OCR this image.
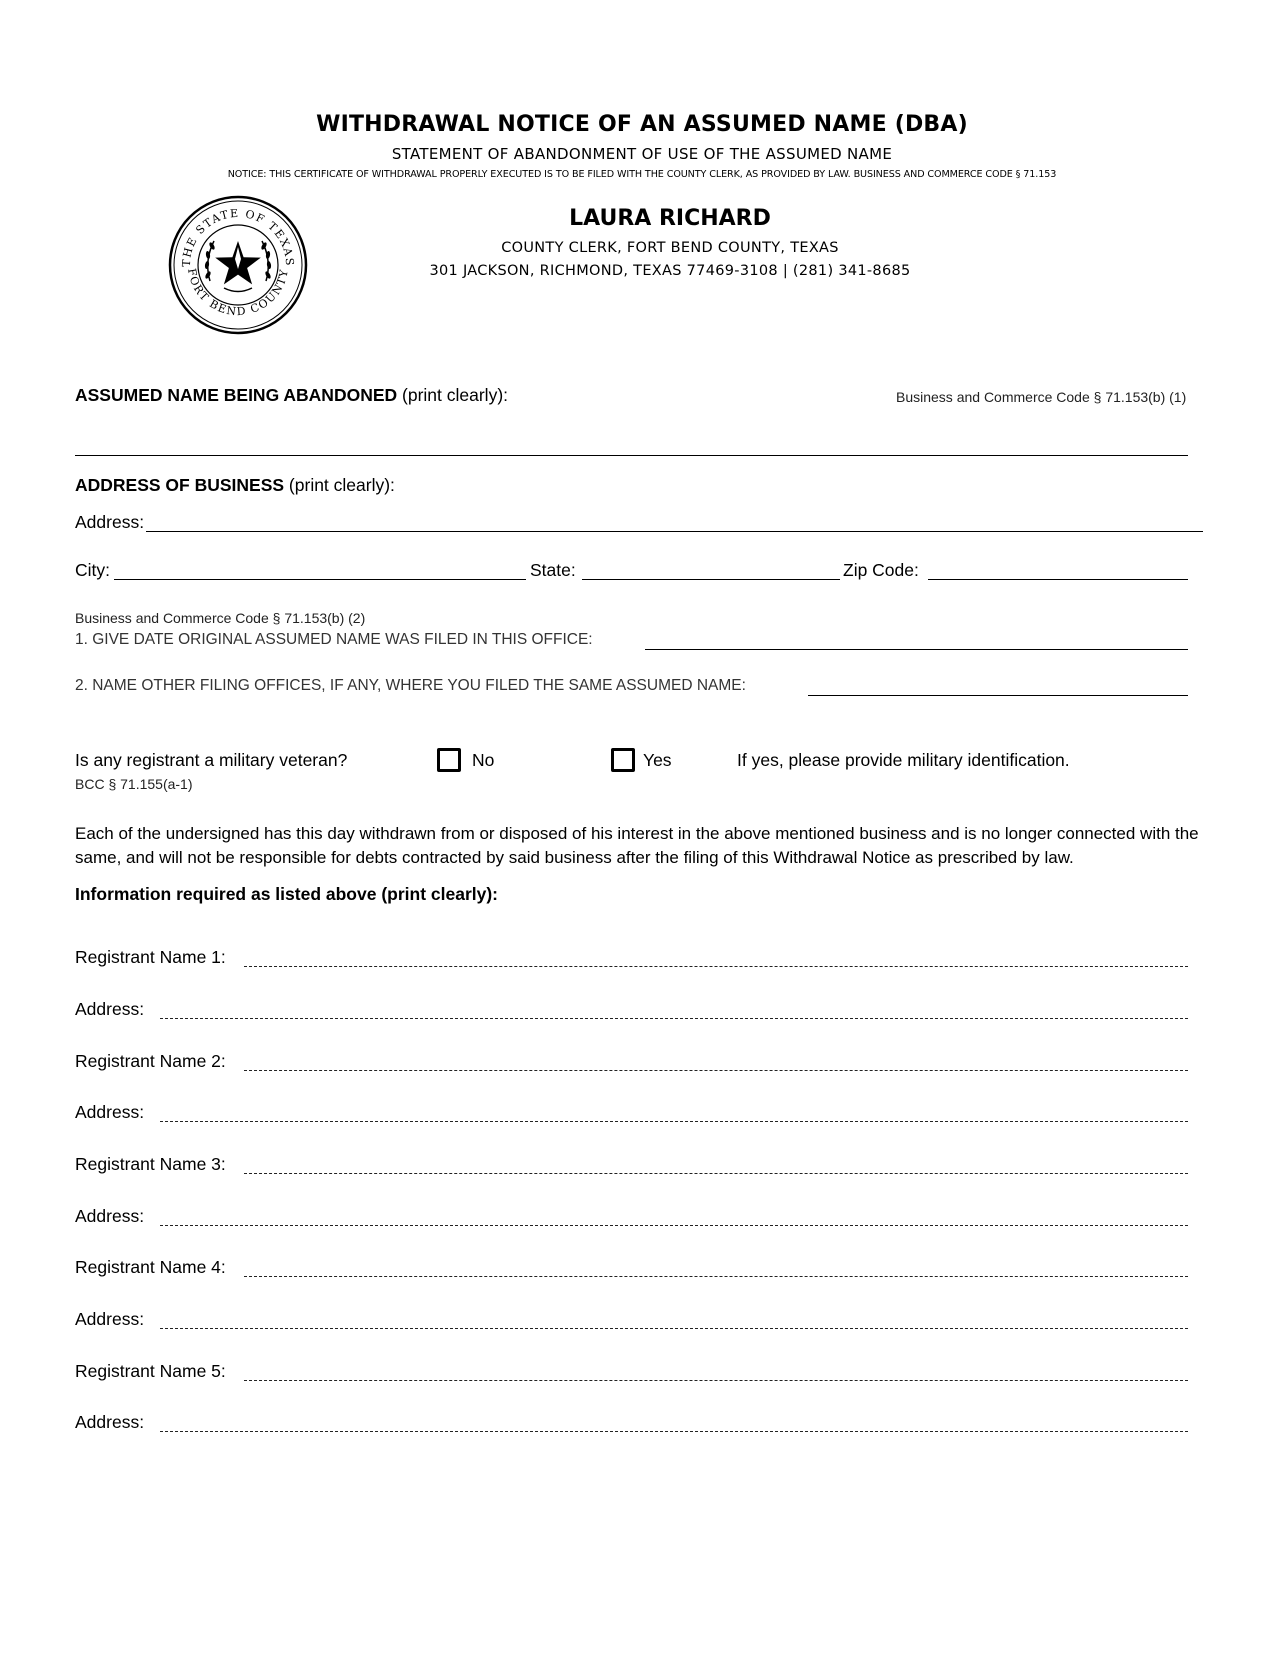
WITHDRAWAL NOTICE OF AN ASSUMED NAME (DBA)
STATEMENT OF ABANDONMENT OF USE OF THE ASSUMED NAME
NOTICE: THIS CERTIFICATE OF WITHDRAWAL PROPERLY EXECUTED IS TO BE FILED WITH THE COUNTY CLERK, AS PROVIDED BY LAW. BUSINESS AND COMMERCE CODE § 71.153
THE STATE OF TEXAS
FORT BEND COUNTY
LAURA RICHARD
COUNTY CLERK, FORT BEND COUNTY, TEXAS
301 JACKSON, RICHMOND, TEXAS 77469-3108 | (281) 341-8685
ASSUMED NAME BEING ABANDONED (print clearly):	Business and Commerce Code § 71.153(b) (1)
ADDRESS OF BUSINESS (print clearly):
Address:
City:	State:	Zip Code:
Business and Commerce Code § 71.153(b) (2)
1. GIVE DATE ORIGINAL ASSUMED NAME WAS FILED IN THIS OFFICE:
2. NAME OTHER FILING OFFICES, IF ANY, WHERE YOU FILED THE SAME ASSUMED NAME:
Is any registrant a military veteran?
BCC § 71.155(a-1)
No	Yes	If yes, please provide military identification.
Each of the undersigned has this day withdrawn from or disposed of his interest in the above mentioned business and is no longer connected with the same, and will not be responsible for debts contracted by said business after the filing of this Withdrawal Notice as prescribed by law.
Information required as listed above (print clearly):
Registrant Name 1:
Address:
Registrant Name 2:
Address:
Registrant Name 3:
Address:
Registrant Name 4:
Address:
Registrant Name 5:
Address:
